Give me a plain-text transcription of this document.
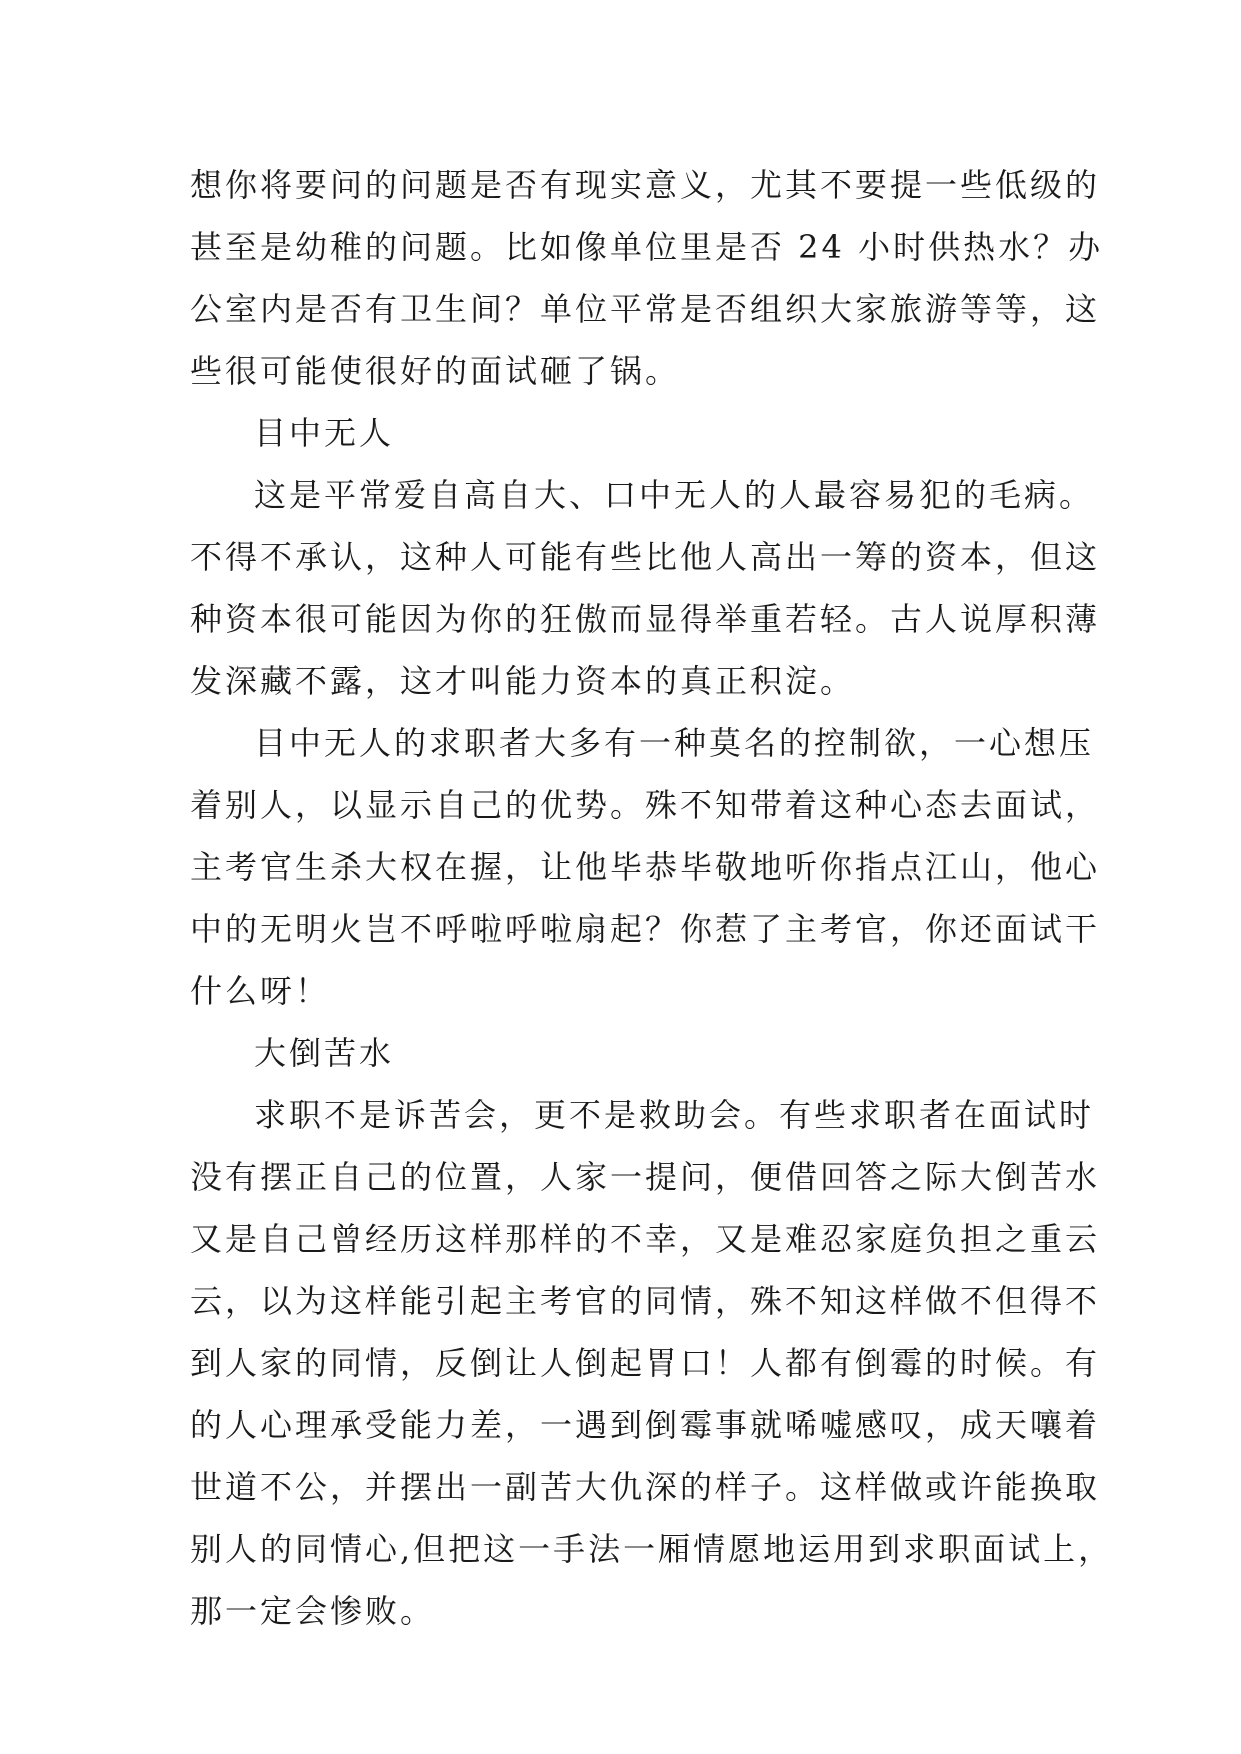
想你将要问的问题是否有现实意义，尤其不要提一些低级的
甚至是幼稚的问题。比如像单位里是否 24 小时供热水？办
公室内是否有卫生间？单位平常是否组织大家旅游等等，这
些很可能使很好的面试砸了锅。
目中无人
这是平常爱自高自大、口中无人的人最容易犯的毛病。
不得不承认，这种人可能有些比他人高出一筹的资本，但这
种资本很可能因为你的狂傲而显得举重若轻。古人说厚积薄
发深藏不露，这才叫能力资本的真正积淀。
目中无人的求职者大多有一种莫名的控制欲，一心想压
着别人，以显示自己的优势。殊不知带着这种心态去面试，
主考官生杀大权在握，让他毕恭毕敬地听你指点江山，他心
中的无明火岂不呼啦呼啦扇起？你惹了主考官，你还面试干
什么呀！
大倒苦水
求职不是诉苦会，更不是救助会。有些求职者在面试时
没有摆正自己的位置，人家一提问，便借回答之际大倒苦水
又是自己曾经历这样那样的不幸，又是难忍家庭负担之重云
云，以为这样能引起主考官的同情，殊不知这样做不但得不
到人家的同情，反倒让人倒起胃口！人都有倒霉的时候。有
的人心理承受能力差，一遇到倒霉事就唏嘘感叹，成天嚷着
世道不公，并摆出一副苦大仇深的样子。这样做或许能换取
别人的同情心,但把这一手法一厢情愿地运用到求职面试上，
那一定会惨败。
